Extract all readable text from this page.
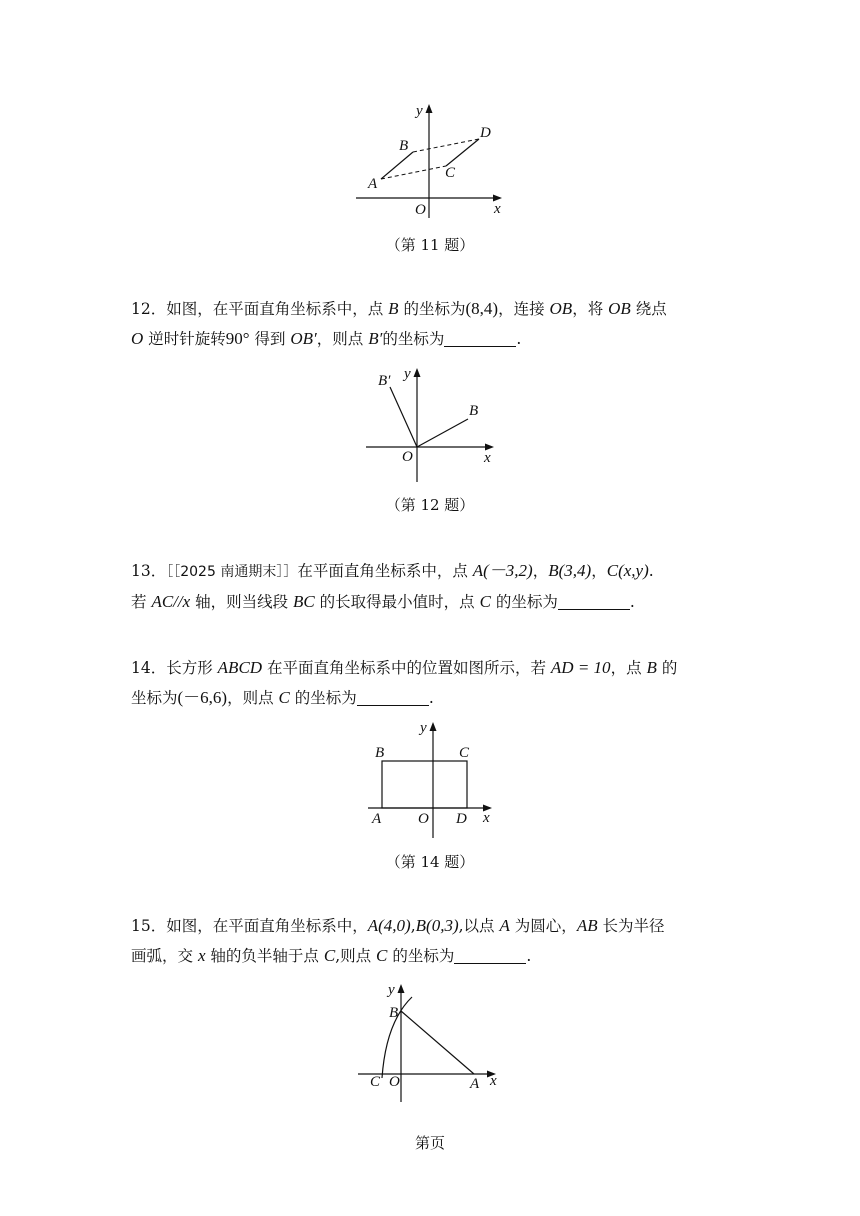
y
B
D
A
C
O	x
（第 11 题）

12．如图，在平面直角坐标系中，点 B 的坐标为(8,4)，连接 OB，将 OB 绕点

O 逆时针旋转90° 得到 OB′，则点 B′的坐标为	.

B′ y
B
O	x
（第 12 题）

13．［［2025 南通期末］］在平面直角坐标系中，点 A(－3,2)，B(3,4)，C(x,y).

若 AC//x 轴，则当线段 BC 的长取得最小值时，点 C 的坐标为	.

14．长方形 ABCD 在平面直角坐标系中的位置如图所示，若 AD = 10，点 B 的

坐标为(－6,6)，则点 C 的坐标为	.

y
B	C
A O D x
（第 14 题）

15．如图，在平面直角坐标系中，A(4,0),B(0,3),以点 A 为圆心，AB 长为半径

画弧，交 x 轴的负半轴于点 C,则点 C 的坐标为	.

y
B
C O	A x
第页
